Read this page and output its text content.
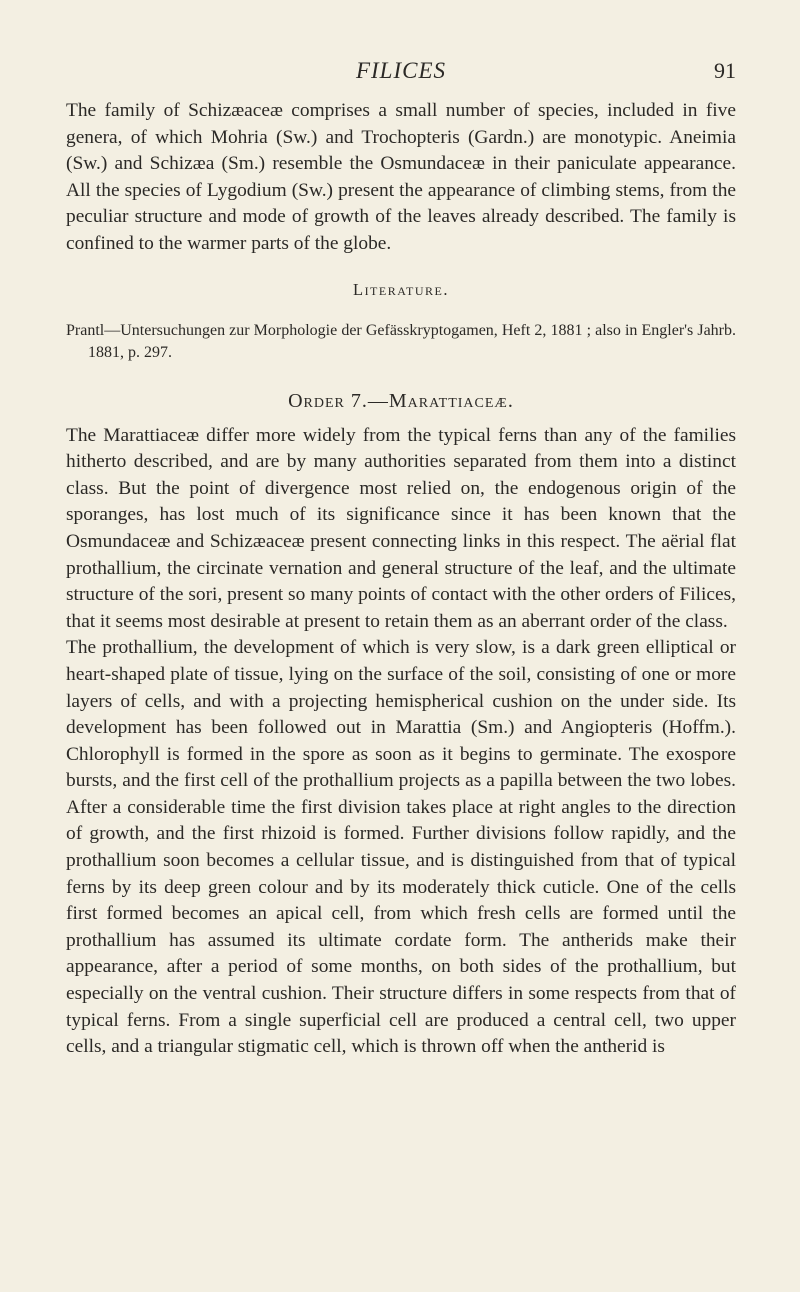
FILICES	91

The family of Schizæaceæ comprises a small number of species, included in five genera, of which Mohria (Sw.) and Trochopteris (Gardn.) are monotypic. Aneimia (Sw.) and Schizæa (Sm.) resemble the Osmundaceæ in their paniculate appearance. All the species of Lygodium (Sw.) present the appearance of climbing stems, from the peculiar structure and mode of growth of the leaves already described. The family is confined to the warmer parts of the globe.

Literature.

Prantl—Untersuchungen zur Morphologie der Gefässkryptogamen, Heft 2, 1881 ; also in Engler's Jahrb. 1881, p. 297.

Order 7.—Marattiaceæ.

The Marattiaceæ differ more widely from the typical ferns than any of the families hitherto described, and are by many authorities separated from them into a distinct class. But the point of divergence most relied on, the endogenous origin of the sporanges, has lost much of its significance since it has been known that the Osmundaceæ and Schizæaceæ present connecting links in this respect. The aërial flat prothallium, the circinate vernation and general structure of the leaf, and the ultimate structure of the sori, present so many points of contact with the other orders of Filices, that it seems most desirable at present to retain them as an aberrant order of the class.

The prothallium, the development of which is very slow, is a dark green elliptical or heart-shaped plate of tissue, lying on the surface of the soil, consisting of one or more layers of cells, and with a projecting hemispherical cushion on the under side. Its development has been followed out in Marattia (Sm.) and Angiopteris (Hoffm.). Chlorophyll is formed in the spore as soon as it begins to germinate. The exospore bursts, and the first cell of the prothallium projects as a papilla between the two lobes. After a considerable time the first division takes place at right angles to the direction of growth, and the first rhizoid is formed. Further divisions follow rapidly, and the prothallium soon becomes a cellular tissue, and is distinguished from that of typical ferns by its deep green colour and by its moderately thick cuticle. One of the cells first formed becomes an apical cell, from which fresh cells are formed until the prothallium has assumed its ultimate cordate form. The antherids make their appearance, after a period of some months, on both sides of the prothallium, but especially on the ventral cushion. Their structure differs in some respects from that of typical ferns. From a single superficial cell are produced a central cell, two upper cells, and a triangular stigmatic cell, which is thrown off when the antherid is
